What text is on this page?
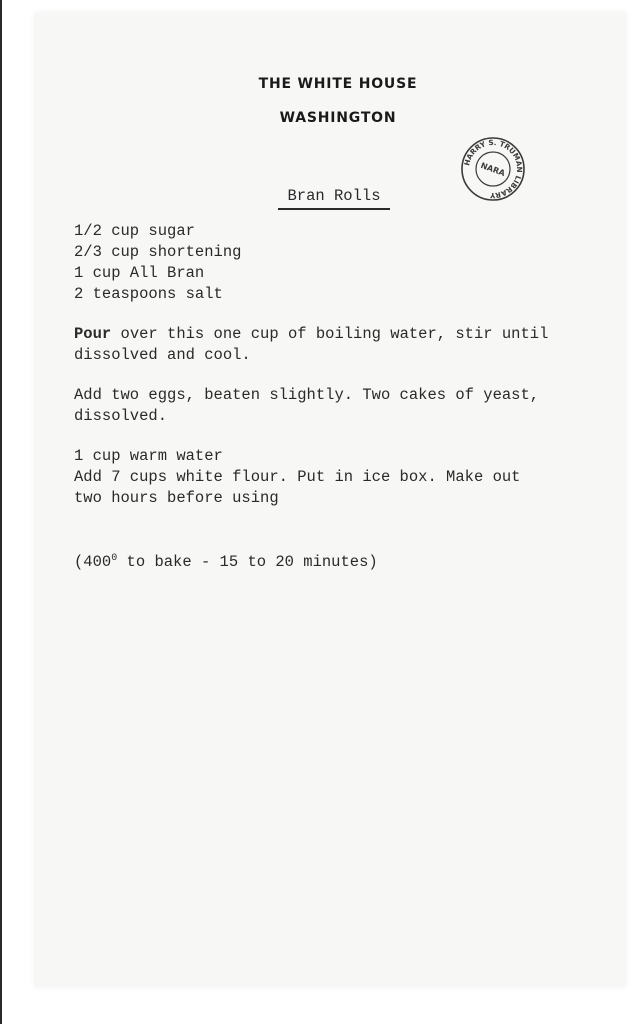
THE WHITE HOUSE
WASHINGTON
HARRY S. TRUMAN LIBRARY
NARA
Bran Rolls
1/2 cup sugar
2/3 cup shortening
1 cup All Bran
2 teaspoons salt
Pour over this one cup of boiling water, stir until
dissolved and cool.
Add two eggs, beaten slightly. Two cakes of yeast,
dissolved.
1 cup warm water
Add 7 cups white flour. Put in ice box. Make out
two hours before using
($400^0$ to bake - 15 to 20 minutes)
